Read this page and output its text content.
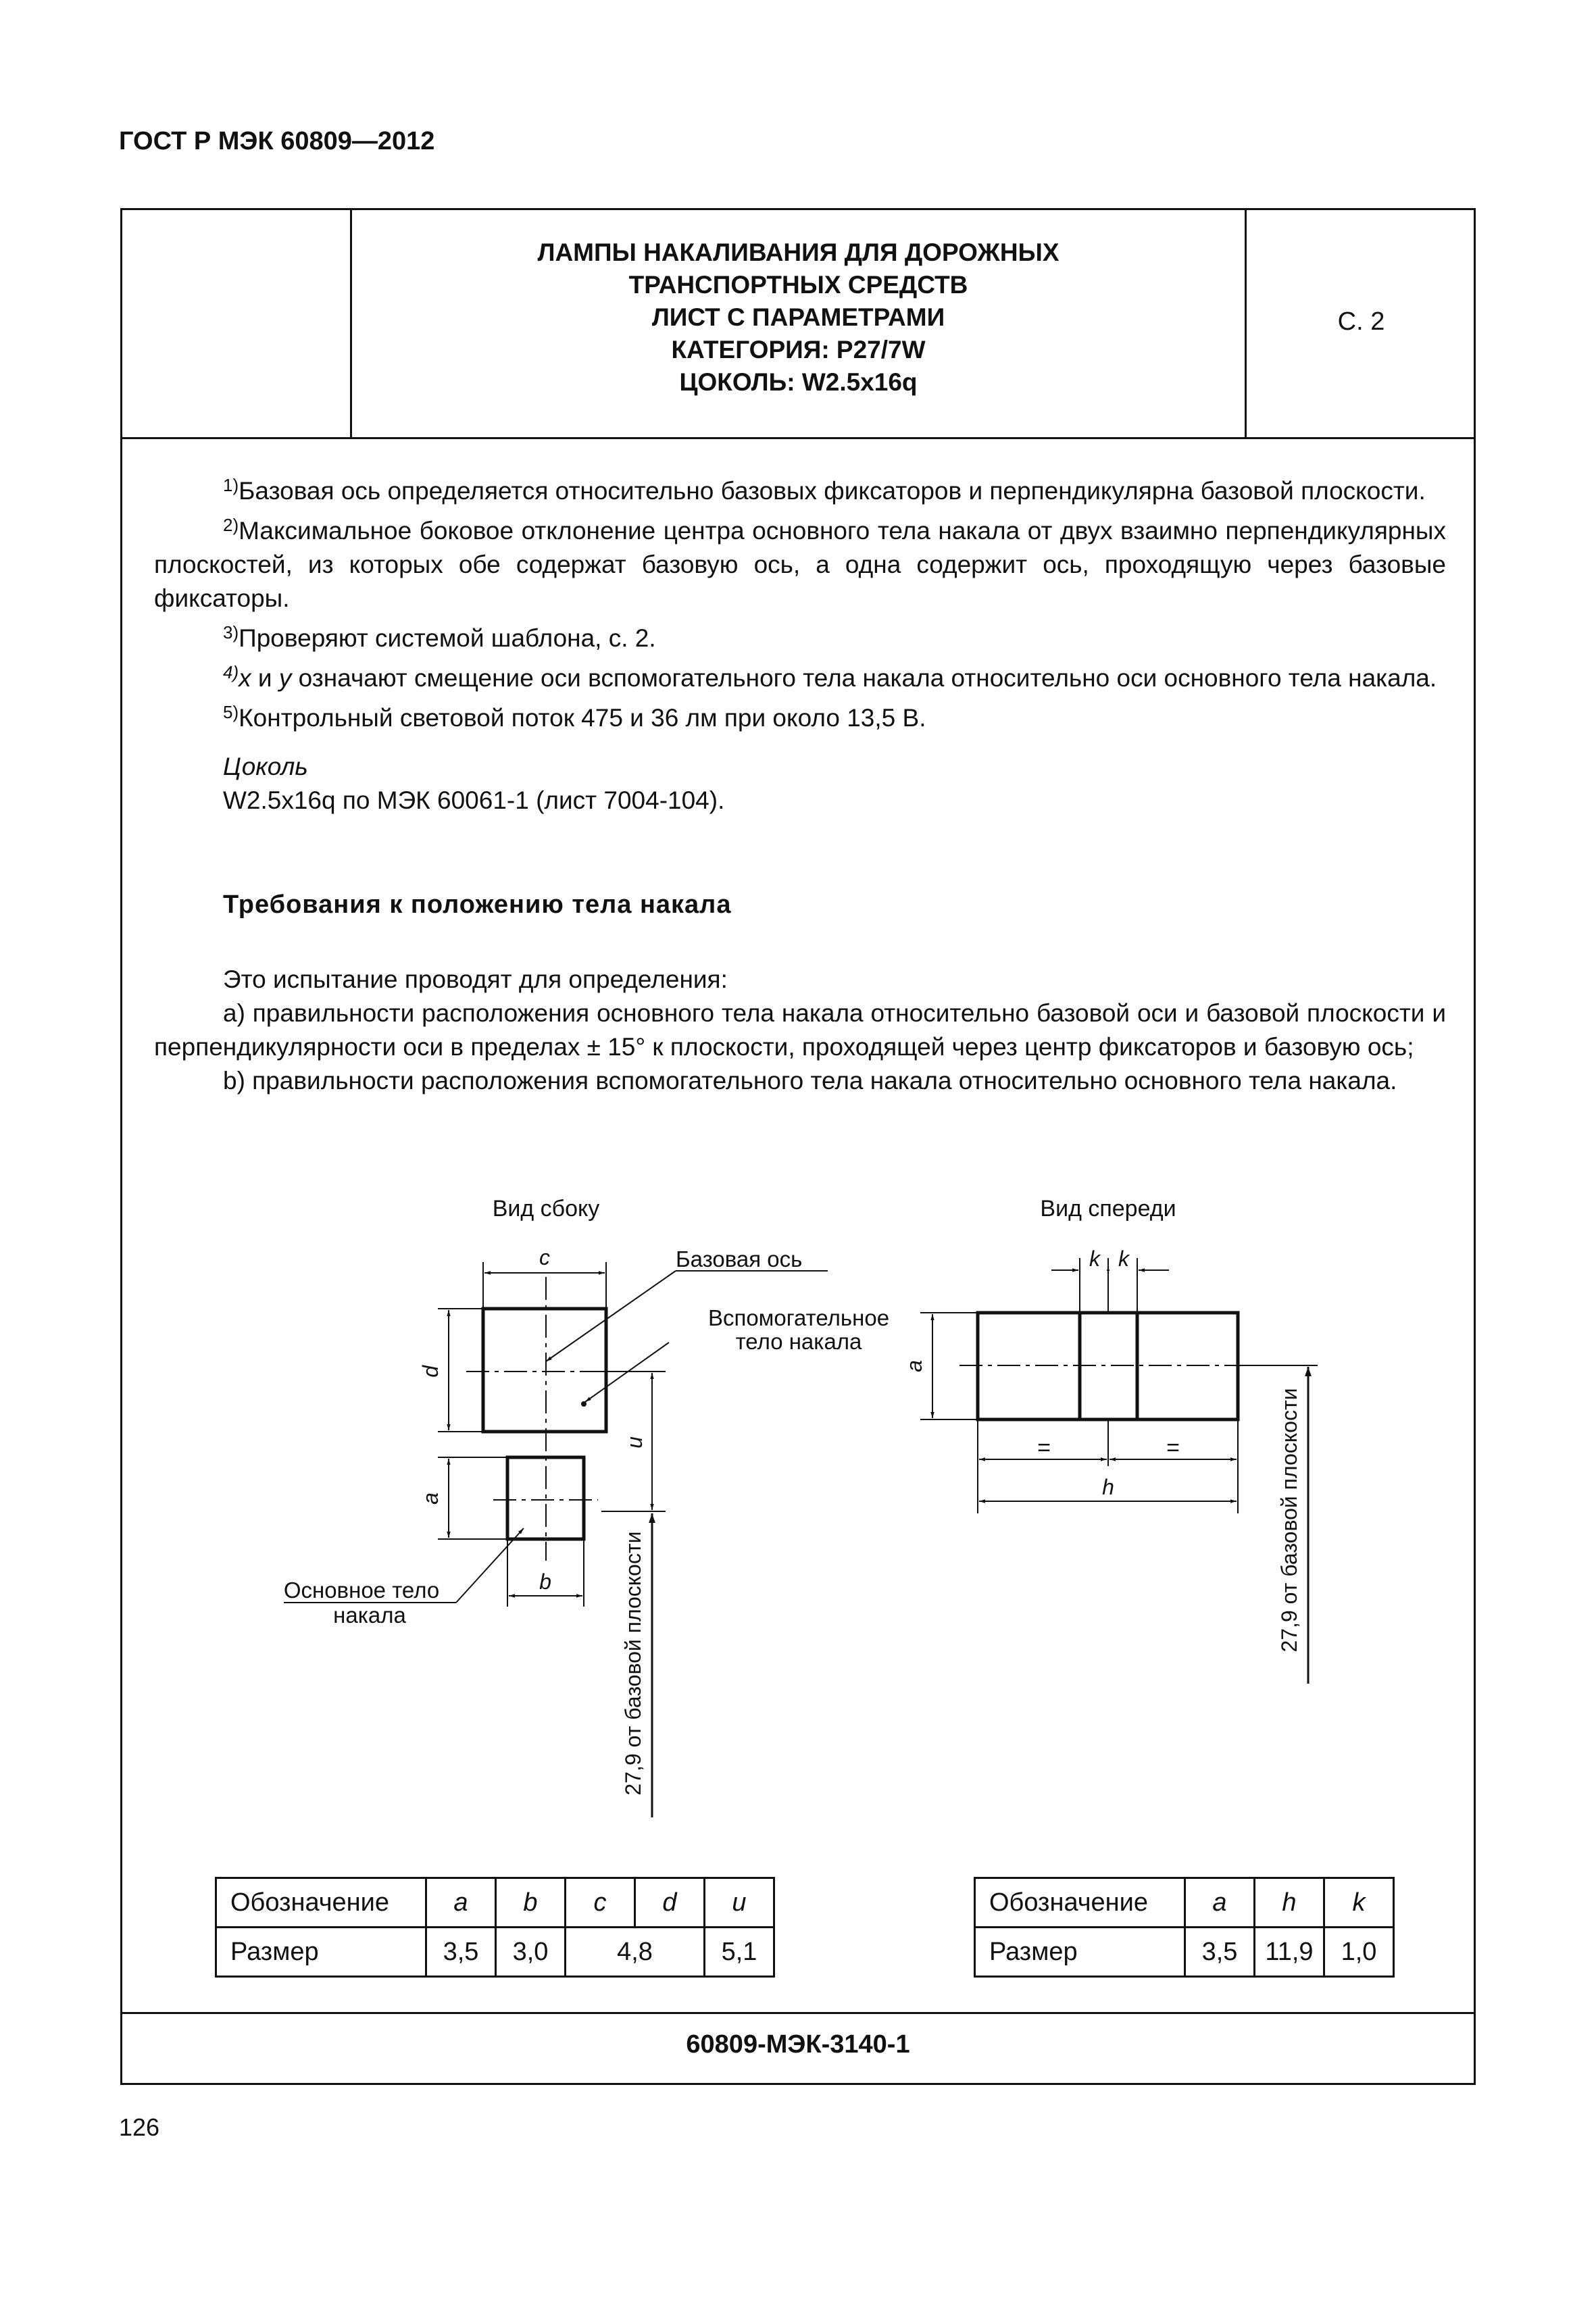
ГОСТ Р МЭК 60809—2012
ЛАМПЫ НАКАЛИВАНИЯ ДЛЯ ДОРОЖНЫХ
ТРАНСПОРТНЫХ СРЕДСТВ
ЛИСТ С ПАРАМЕТРАМИ
КАТЕГОРИЯ: P27/7W
ЦОКОЛЬ: W2.5x16q
С. 2

$^{1)}$Базовая ось определяется относительно базовых фиксаторов и перпендикулярна базовой плоскости.

$^{2)}$Максимальное боковое отклонение центра основного тела накала от двух взаимно перпендикулярных плоскостей, из которых обе содержат базовую ось, а одна содержит ось, проходящую через базовые фиксаторы.

$^{3)}$Проверяют системой шаблона, с. 2.

$^{4)}$x и y означают смещение оси вспомогательного тела накала относительно оси основного тела накала.

$^{5)}$Контрольный световой поток 475 и 36 лм при около 13,5 В.

Цоколь

W2.5x16q по МЭК 60061-1 (лист 7004-104).

Требования к положению тела накала

Это испытание проводят для определения:

а) правильности расположения основного тела накала относительно базовой оси и базовой плоскости и перпендикулярности оси в пределах ± 15° к плоскости, проходящей через центр фиксаторов и базовую ось;

b) правильности расположения вспомогательного тела накала относительно основного тела накала.

Вид сбоку
c
d
a
b
u
27,9 от базовой плоскости
Базовая ось
Вспомогательное
тело накала
Основное тело
накала
Вид спереди
k k
a
=	=
h	27,9 от базовой плоскости
Обозначение	a	b	c	d	u
Размер	3,5	3,0	4,8		5,1
Обозначение	a	h	k
Размер	3,5	11,9	1,0
60809-МЭК-3140-1
126
